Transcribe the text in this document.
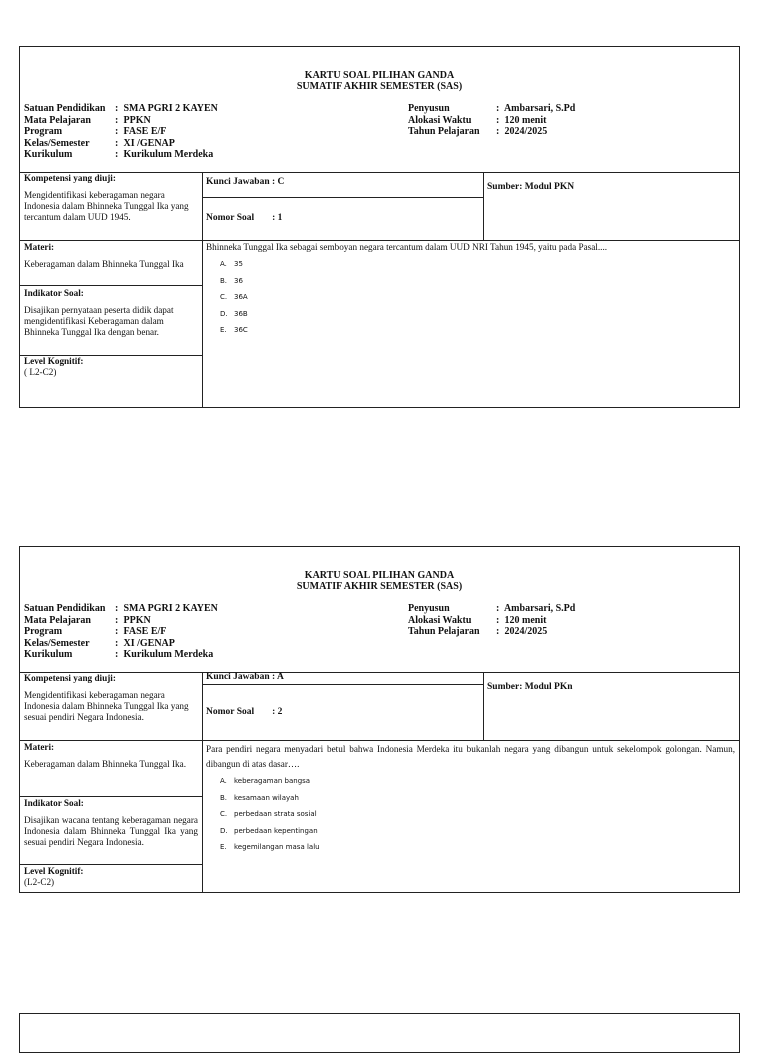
KARTU SOAL PILIHAN GANDA
SUMATIF AKHIR SEMESTER (SAS)
Satuan Pendidikan : SMA PGRI 2 KAYEN
Mata Pelajaran : PPKN
Program	: FASE E/F
Kelas/Semester	: XI /GENAP
Kurikulum	: Kurikulum Merdeka
Penyusun	: Ambarsari, S.Pd
Alokasi Waktu : 120 menit
Tahun Pelajaran : 2024/2025
Kompetensi yang diuji:
Mengidentifikasi keberagaman negara Indonesia dalam Bhinneka Tunggal Ika yang tercantum dalam UUD 1945.
Materi:
Keberagaman dalam Bhinneka Tunggal Ika
Indikator Soal:
Disajikan pernyataan peserta didik dapat mengidentifikasi Keberagaman dalam Bhinneka Tunggal Ika dengan benar.
Level Kognitif:
( L2-C2)
Kunci Jawaban : C
Nomor Soal : 1
Sumber: Modul PKN
Bhinneka Tunggal Ika sebagai semboyan negara tercantum dalam UUD NRI Tahun 1945, yaitu pada Pasal....
A. 35
B. 36
C. 36A
D. 36B
E. 36C
KARTU SOAL PILIHAN GANDA
SUMATIF AKHIR SEMESTER (SAS)
Satuan Pendidikan : SMA PGRI 2 KAYEN
Mata Pelajaran : PPKN
Program	: FASE E/F
Kelas/Semester	: XI /GENAP
Kurikulum	: Kurikulum Merdeka
Penyusun	: Ambarsari, S.Pd
Alokasi Waktu : 120 menit
Tahun Pelajaran : 2024/2025
Kompetensi yang diuji:
Mengidentifikasi keberagaman negara Indonesia dalam Bhinneka Tunggal Ika yang sesuai pendiri Negara Indonesia.
Materi:
Keberagaman dalam Bhinneka Tunggal Ika.
Indikator Soal:
Disajikan wacana tentang keberagaman negara Indonesia dalam Bhinneka Tunggal Ika yang sesuai pendiri Negara Indonesia.
Level Kognitif:
(L2-C2)
Kunci Jawaban : A
Nomor Soal : 2
Sumber: Modul PKn
Para pendiri negara menyadari betul bahwa Indonesia Merdeka itu bukanlah negara yang dibangun untuk sekelompok golongan. Namun, dibangun di atas dasar….
A. keberagaman bangsa
B. kesamaan wilayah
C. perbedaan strata sosial
D. perbedaan kepentingan
E. kegemilangan masa lalu
